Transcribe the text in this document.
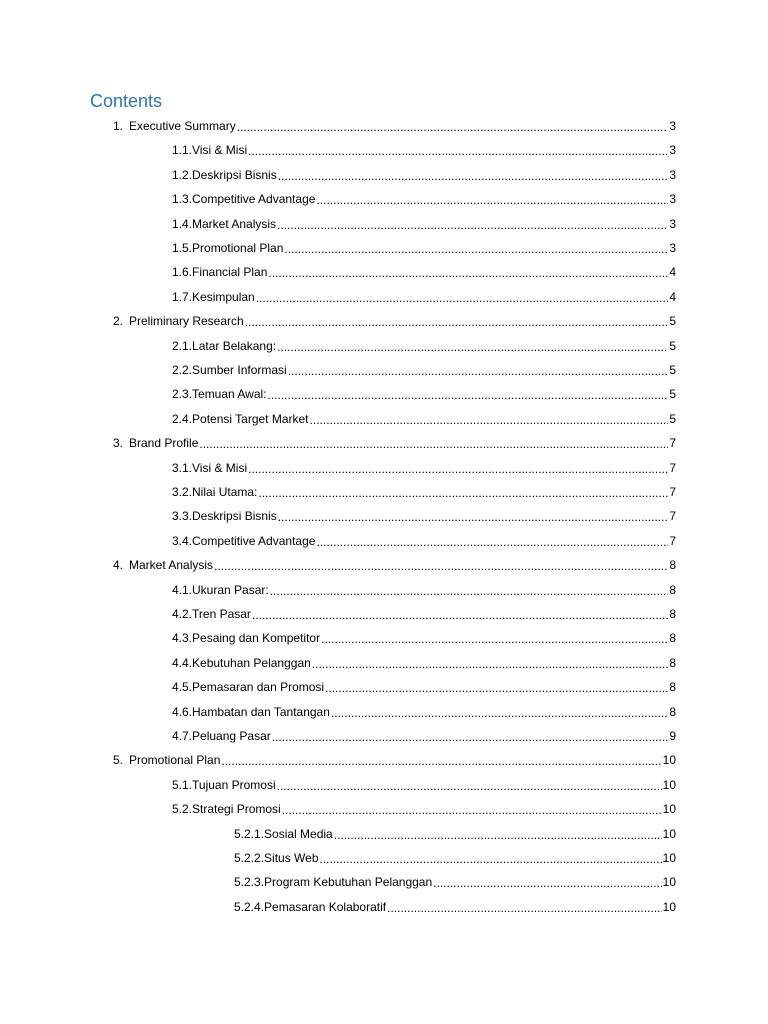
Contents
1. Executive Summary .....	3
1.1. Visi & Misi .....	3
1.2. Deskripsi Bisnis .....	3
1.3. Competitive Advantage .....	3
1.4. Market Analysis .....	3
1.5. Promotional Plan .....	3
1.6. Financial Plan .....	4
1.7. Kesimpulan .....	4
2. Preliminary Research .....	5
2.1. Latar Belakang: .....	5
2.2. Sumber Informasi .....	5
2.3. Temuan Awal: .....	5
2.4. Potensi Target Market .....	5
3. Brand Profile .....	7
3.1. Visi & Misi .....	7
3.2. Nilai Utama: .....	7
3.3. Deskripsi Bisnis .....	7
3.4. Competitive Advantage .....	7
4. Market Analysis .....	8
4.1. Ukuran Pasar: .....	8
4.2. Tren Pasar .....	8
4.3. Pesaing dan Kompetitor .....	8
4.4. Kebutuhan Pelanggan .....	8
4.5. Pemasaran dan Promosi .....	8
4.6. Hambatan dan Tantangan .....	8
4.7. Peluang Pasar .....	9
5. Promotional Plan .....	10
5.1. Tujuan Promosi .....	10
5.2. Strategi Promosi .....	10
5.2.1. Sosial Media .....	10
5.2.2. Situs Web .....	10
5.2.3. Program Kebutuhan Pelanggan .....	10
5.2.4. Pemasaran Kolaboratif .....	10
